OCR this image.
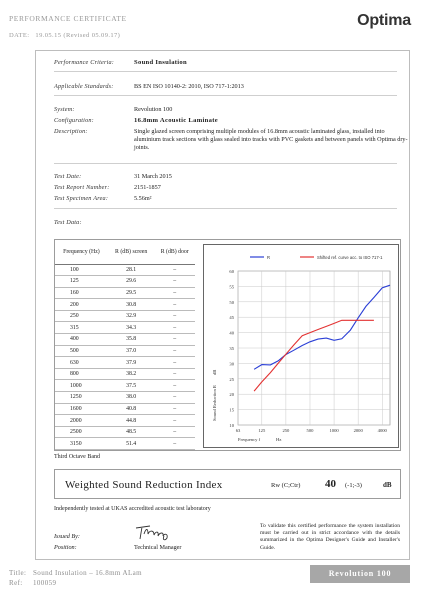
PERFORMANCE CERTIFICATE
DATE: 19.05.15 (Revised 05.09.17)
Optima
Performance Criteria:	Sound Insulation
Applicable Standards:	BS EN ISO 10140-2: 2010, ISO 717-1:2013
System:	Revolution 100
Configuration:	16.8mm Acoustic Laminate
Description:	Single glazed screen comprising multiple modules of 16.8mm acoustic laminated glass, installed into aluminium track sections with glass sealed into tracks with PVC gaskets and between panels with Optima dry-joints.
Test Date:	31 March 2015
Test Report Number:	2151-1857
Test Specimen Area:	5.56m²
Test Data:
Frequency (Hz)	R (dB) screen	R (dB) door
100	28.1	–
125	29.6	–
160	29.5	–
200	30.8	–
250	32.9	–
315	34.3	–
400	35.8	–
500	37.0	–
630	37.9	–
800	38.2	–
1000	37.5	–
1250	38.0	–
1600	40.8	–
2000	44.8	–
2500	48.5	–
3150	51.4	–
10
15
20
25
30
35
40
45
50
55
60
63	125	250	500	1000	2000	4000
Frequency f	Hz
Sound Reduction R
dB
R	Shifted ref. curve acc. to ISO 717-1
Third Octave Band
Weighted Sound Reduction Index	Rw (C;Ctr) 40 (-1;-3)	dB
Independently tested at UKAS accredited acoustic test laboratory
Issued By:
Position:	Technical Manager
To validate this certified performance the system installation must be carried out in strict accordance with the details summarized in the Optima Designer's Guide and Installer's Guide.
Title: Sound Insulation – 16.8mm ALam
Ref: 100059
Revolution 100
